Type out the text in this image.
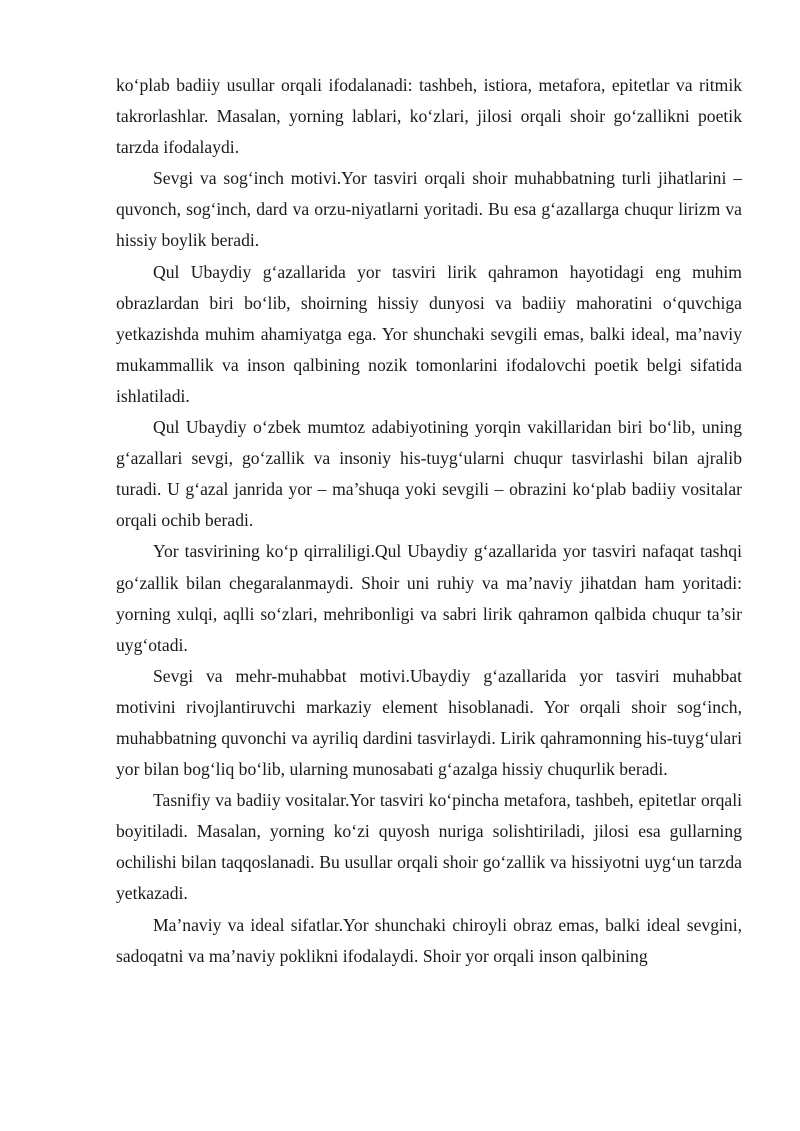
ko‘plab badiiy usullar orqali ifodalanadi: tashbeh, istiora, metafora, epitetlar va ritmik takrorlashlar. Masalan, yorning lablari, ko‘zlari, jilosi orqali shoir go‘zallikni poetik tarzda ifodalaydi.

Sevgi va sog‘inch motivi.Yor tasviri orqali shoir muhabbatning turli jihatlarini – quvonch, sog‘inch, dard va orzu-niyatlarni yoritadi. Bu esa g‘azallarga chuqur lirizm va hissiy boylik beradi.

Qul Ubaydiy g‘azallarida yor tasviri lirik qahramon hayotidagi eng muhim obrazlardan biri bo‘lib, shoirning hissiy dunyosi va badiiy mahoratini o‘quvchiga yetkazishda muhim ahamiyatga ega. Yor shunchaki sevgili emas, balki ideal, ma’naviy mukammallik va inson qalbining nozik tomonlarini ifodalovchi poetik belgi sifatida ishlatiladi.

Qul Ubaydiy o‘zbek mumtoz adabiyotining yorqin vakillaridan biri bo‘lib, uning g‘azallari sevgi, go‘zallik va insoniy his-tuyg‘ularni chuqur tasvirlashi bilan ajralib turadi. U g‘azal janrida yor – ma’shuqa yoki sevgili – obrazini ko‘plab badiiy vositalar orqali ochib beradi.

Yor tasvirining ko‘p qirraliligi.Qul Ubaydiy g‘azallarida yor tasviri nafaqat tashqi go‘zallik bilan chegaralanmaydi. Shoir uni ruhiy va ma’naviy jihatdan ham yoritadi: yorning xulqi, aqlli so‘zlari, mehribonligi va sabri lirik qahramon qalbida chuqur ta’sir uyg‘otadi.

Sevgi va mehr-muhabbat motivi.Ubaydiy g‘azallarida yor tasviri muhabbat motivini rivojlantiruvchi markaziy element hisoblanadi. Yor orqali shoir sog‘inch, muhabbatning quvonchi va ayriliq dardini tasvirlaydi. Lirik qahramonning his-tuyg‘ulari yor bilan bog‘liq bo‘lib, ularning munosabati g‘azalga hissiy chuqurlik beradi.

Tasnifiy va badiiy vositalar.Yor tasviri ko‘pincha metafora, tashbeh, epitetlar orqali boyitiladi. Masalan, yorning ko‘zi quyosh nuriga solishtiriladi, jilosi esa gullarning ochilishi bilan taqqoslanadi. Bu usullar orqali shoir go‘zallik va hissiyotni uyg‘un tarzda yetkazadi.

Ma’naviy va ideal sifatlar.Yor shunchaki chiroyli obraz emas, balki ideal sevgini, sadoqatni va ma’naviy poklikni ifodalaydi. Shoir yor orqali inson qalbining
